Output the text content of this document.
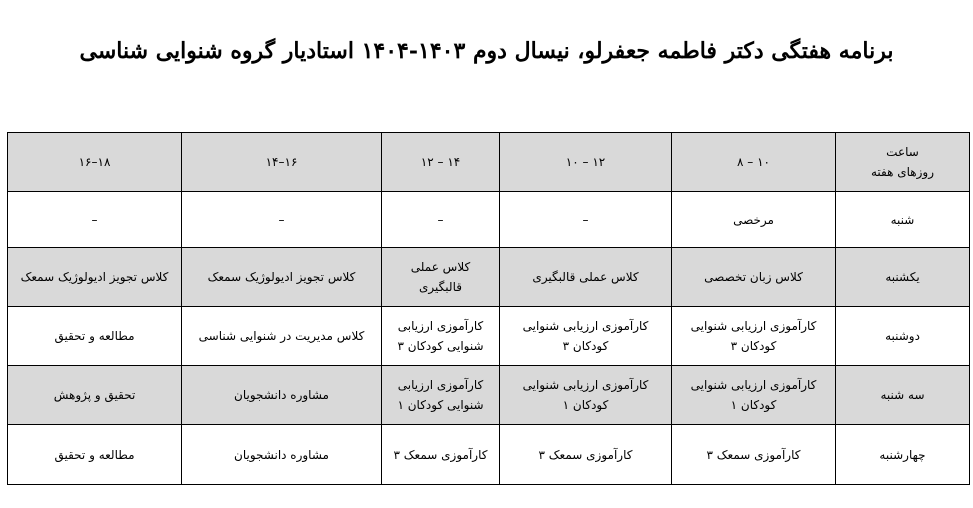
برنامه هفتگی دکتر فاطمه جعفرلو، نیسال دوم ۱۴۰۳-۱۴۰۴ استادیار گروه شنوایی شناسی
ساعت
روزهای هفته	۱۰ – ۸	۱۲ – ۱۰	۱۴ – ۱۲	۱۶–۱۴	۱۸–۱۶
شنبه	مرخصی	–	–	–	–
یکشنبه	کلاس زبان تخصصی	کلاس عملی قالبگیری	کلاس عملی قالبگیری	کلاس تجویز ادیولوژیک سمعک	کلاس تجویز ادیولوژیک سمعک
دوشنبه	کارآموزی ارزیابی شنوایی کودکان ۳	کارآموزی ارزیابی شنوایی کودکان ۳	کارآموزی ارزیابی شنوایی کودکان ۳	کلاس مدیریت در شنوایی شناسی	مطالعه و تحقیق
سه شنبه	کارآموزی ارزیابی شنوایی کودکان ۱	کارآموزی ارزیابی شنوایی کودکان ۱	کارآموزی ارزیابی شنوایی کودکان ۱	مشاوره دانشجویان	تحقیق و پژوهش
چهارشنبه	کارآموزی سمعک ۳	کارآموزی سمعک ۳	کارآموزی سمعک ۳	مشاوره دانشجویان	مطالعه و تحقیق
